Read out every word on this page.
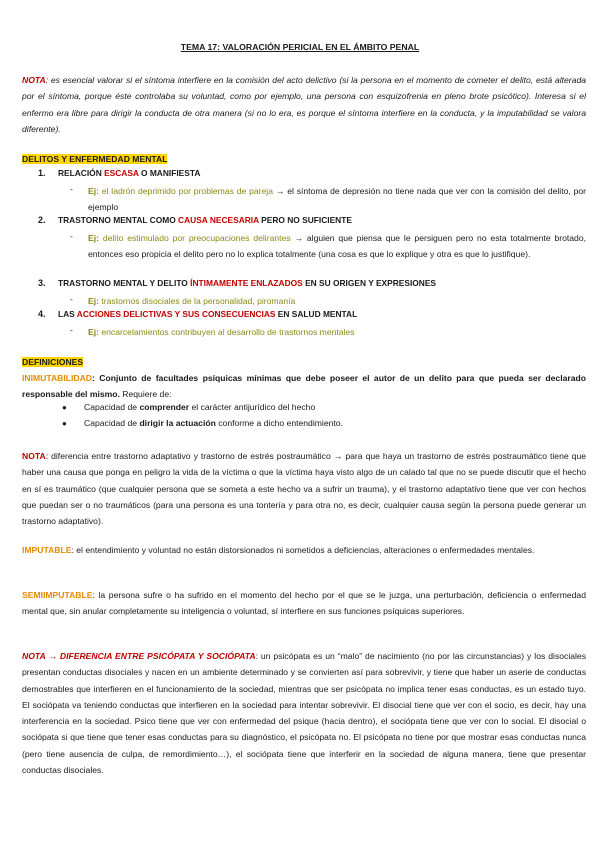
TEMA 17: VALORACIÓN PERICIAL EN EL ÁMBITO PENAL
NOTA: es esencial valorar si el síntoma interfiere en la comisión del acto delictivo (si la persona en el momento de cometer el delito, está alterada por el síntoma, porque éste controlaba su voluntad, como por ejemplo, una persona con esquizofrenia en pleno brote psicótico). Interesa si el enfermo era libre para dirigir la conducta de otra manera (si no lo era, es porque el síntoma interfiere en la conducta, y la imputabilidad se valora diferente).
DELITOS Y ENFERMEDAD MENTAL
1. RELACIÓN ESCASA O MANIFIESTA
- Ej: el ladrón deprimido por problemas de pareja → el síntoma de depresión no tiene nada que ver con la comisión del delito, por ejemplo
2. TRASTORNO MENTAL COMO CAUSA NECESARIA PERO NO SUFICIENTE
- Ej: delito estimulado por preocupaciones delirantes → alguien que piensa que le persiguen pero no esta totalmente brotado, entonces eso propicia el delito pero no lo explica totalmente (una cosa es que lo explique y otra es que lo justifique).
3. TRASTORNO MENTAL Y DELITO ÍNTIMAMENTE ENLAZADOS EN SU ORIGEN Y EXPRESIONES
- Ej: trastornos disociales de la personalidad, piromanía
4. LAS ACCIONES DELICTIVAS Y SUS CONSECUENCIAS EN SALUD MENTAL
- Ej: encarcelamientos contribuyen al desarrollo de trastornos mentales
DEFINICIONES
INIMUTABILIDAD: Conjunto de facultades psíquicas mínimas que debe poseer el autor de un delito para que pueda ser declarado responsable del mismo. Requiere de:
● Capacidad de comprender el carácter antijurídico del hecho
● Capacidad de dirigir la actuación conforme a dicho entendimiento.
NOTA: diferencia entre trastorno adaptativo y trastorno de estrés postraumático → para que haya un trastorno de estrés postraumático tiene que haber una causa que ponga en peligro la vida de la víctima o que la víctima haya visto algo de un calado tal que no se puede discutir que el hecho en sí es traumático (que cualquier persona que se someta a este hecho va a sufrir un trauma), y el trastorno adaptativo tiene que ver con hechos que puedan ser o no traumáticos (para una persona es una tontería y para otra no, es decir, cualquier causa según la persona puede generar un trastorno adaptativo).
IMPUTABLE: el entendimiento y voluntad no están distorsionados ni sometidos a deficiencias, alteraciones o enfermedades mentales.
SEMIIMPUTABLE: la persona sufre o ha sufrido en el momento del hecho por el que se le juzga, una perturbación, deficiencia o enfermedad mental que, sin anular completamente su inteligencia o voluntad, sí interfiere en sus funciones psíquicas superiores.
NOTA → DIFERENCIA ENTRE PSICÓPATA Y SOCIÓPATA: un psicópata es un “malo” de nacimiento (no por las circunstancias) y los disociales presentan conductas disociales y nacen en un ambiente determinado y se convierten así para sobrevivir, y tiene que haber un aserie de conductas demostrables que interfieren en el funcionamiento de la sociedad, mientras que ser psicópata no implica tener esas conductas, es un estado tuyo. El sociópata va teniendo conductas que interfieren en la sociedad para intentar sobrevivir. El disocial tiene que ver con el socio, es decir, hay una interferencia en la sociedad. Psico tiene que ver con enfermedad del psique (hacia dentro), el sociópata tiene que ver con lo social. El disocial o sociópata si que tiene que tener esas conductas para su diagnóstico, el psicópata no. El psicópata no tiene por que mostrar esas conductas nunca (pero tiene ausencia de culpa, de remordimiento…), el sociópata tiene que interferir en la sociedad de alguna manera, tiene que presentar conductas disociales.
